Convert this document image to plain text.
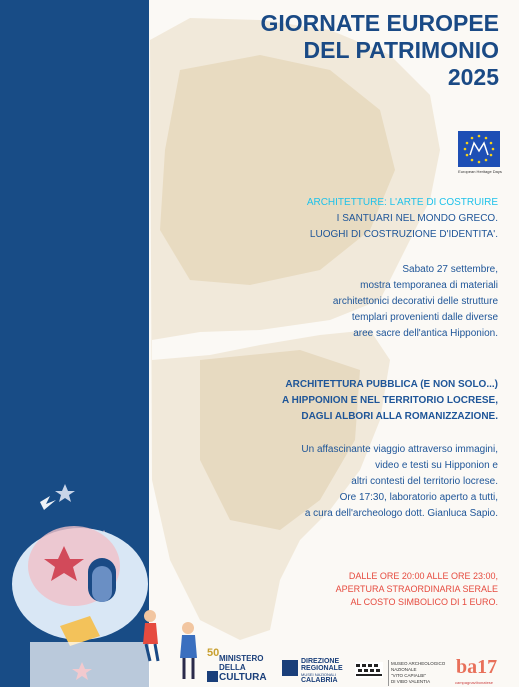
GIORNATE EUROPEE
DEL PATRIMONIO
2025
European Heritage Days
ARCHITETTURE: L'ARTE DI COSTRUIRE
I SANTUARI NEL MONDO GRECO.
LUOGHI DI COSTRUZIONE D'IDENTITA'.
Sabato 27 settembre,
mostra temporanea di materiali
architettonici decorativi delle strutture
templari provenienti dalle diverse
aree sacre dell'antica Hipponion.
ARCHITETTURA PUBBLICA (E NON SOLO...)
A HIPPONION E NEL TERRITORIO LOCRESE,
DAGLI ALBORI ALLA ROMANIZZAZIONE.
Un affascinante viaggio attraverso immagini,
video e testi su Hipponion e
altri contesti del territorio locrese.
Ore 17:30, laboratorio aperto a tutti,
a cura dell'archeologo dott. Gianluca Sapio.
DALLE ORE 20:00 ALLE ORE 23:00,
APERTURA STRAORDINARIA SERALE
AL COSTO SIMBOLICO DI 1 EURO.
50 MINISTERO
DELLA
CULTURA
DIREZIONE
REGIONALE
MUSEI NAZIONALI
CALABRIA
MUSEO ARCHEOLOGICO
NAZIONALE
"VITO CAPIALBI"
DI VIBO VALENTIA
ba17
campagnavibonatese
